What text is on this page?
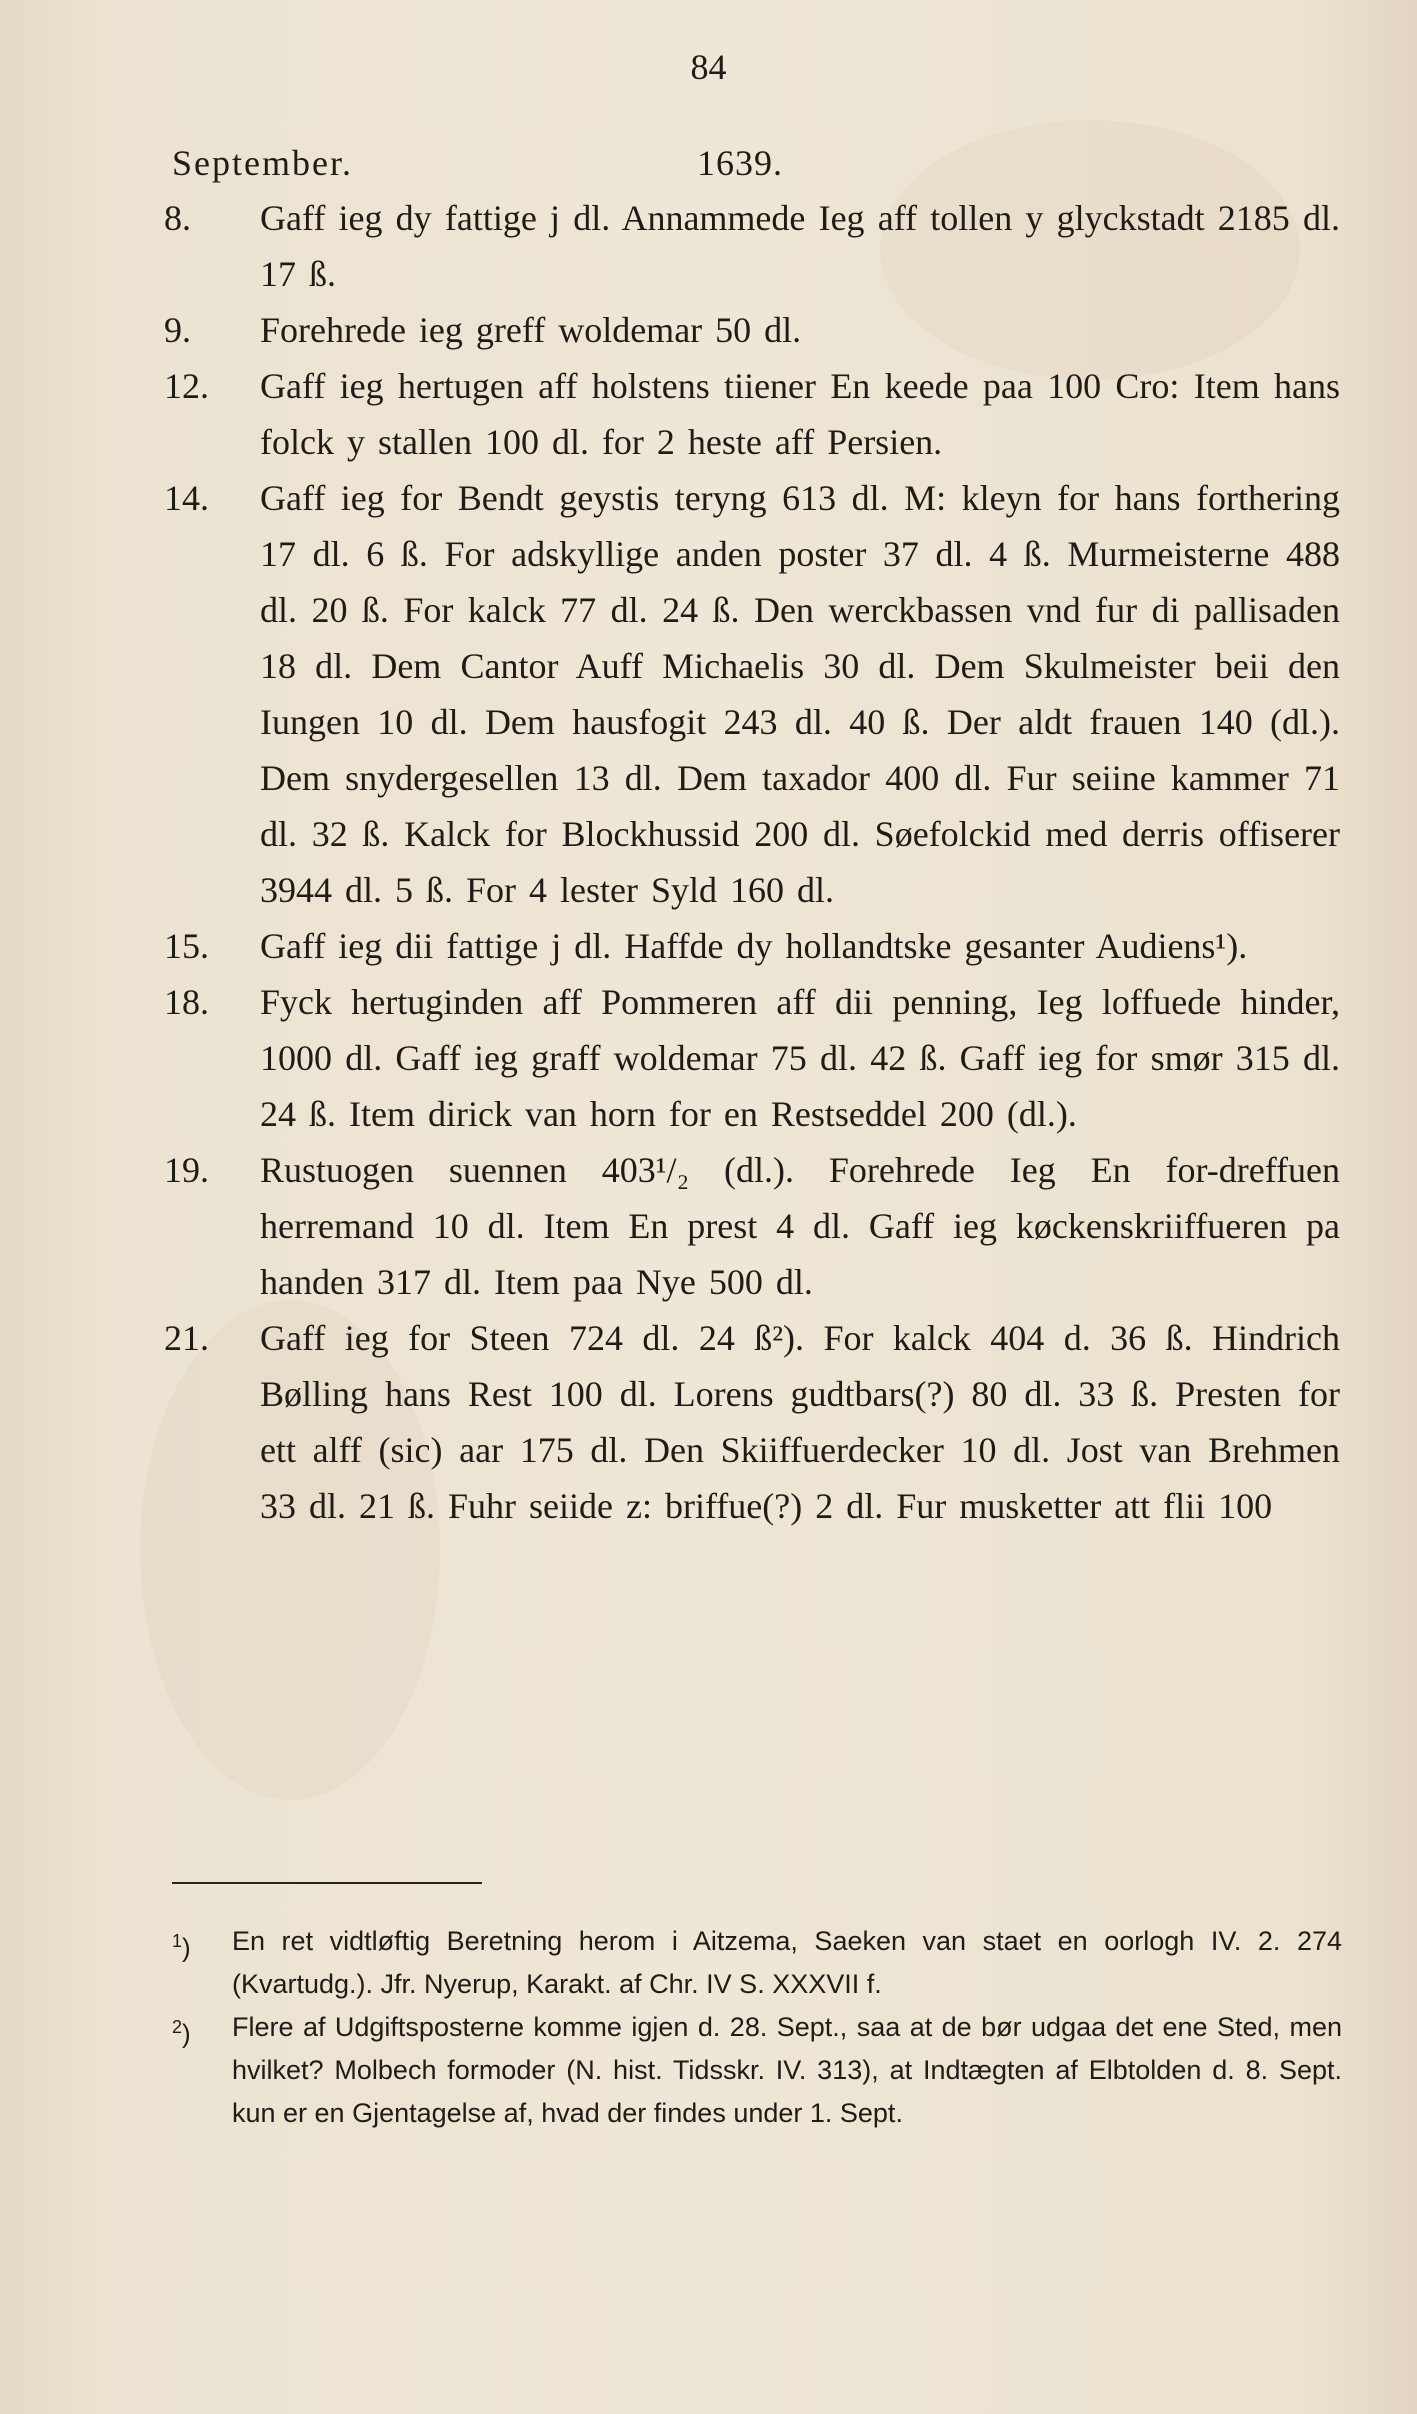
84
September.	1639.
8.	Gaff ieg dy fattige j dl. Annammede Ieg aff tollen y glyckstadt 2185 dl. 17 ß.
9.	Forehrede ieg greff woldemar 50 dl.
12.	Gaff ieg hertugen aff holstens tiiener En keede paa 100 Cro: Item hans folck y stallen 100 dl. for 2 heste aff Persien.
14.	Gaff ieg for Bendt geystis teryng 613 dl. M: kleyn for hans forthering 17 dl. 6 ß. For adskyllige anden poster 37 dl. 4 ß. Murmeisterne 488 dl. 20 ß. For kalck 77 dl. 24 ß. Den werckbassen vnd fur di pallisaden 18 dl. Dem Cantor Auff Michaelis 30 dl. Dem Skulmeister beii den Iungen 10 dl. Dem hausfogit 243 dl. 40 ß. Der aldt frauen 140 (dl.). Dem snydergesellen 13 dl. Dem taxador 400 dl. Fur seiine kammer 71 dl. 32 ß. Kalck for Blockhussid 200 dl. Søefolckid med derris offiserer 3944 dl. 5 ß. For 4 lester Syld 160 dl.
15.	Gaff ieg dii fattige j dl. Haffde dy hollandtske gesanter Audiens¹).
18.	Fyck hertuginden aff Pommeren aff dii penning, Ieg loffuede hinder, 1000 dl. Gaff ieg graff woldemar 75 dl. 42 ß. Gaff ieg for smør 315 dl. 24 ß. Item dirick van horn for en Restseddel 200 (dl.).
19.	Rustuogen suennen 403¹/₂ (dl.). Forehrede Ieg En for-dreffuen herremand 10 dl. Item En prest 4 dl. Gaff ieg køckenskriiffueren pa handen 317 dl. Item paa Nye 500 dl.
21.	Gaff ieg for Steen 724 dl. 24 ß²). For kalck 404 d. 36 ß. Hindrich Bølling hans Rest 100 dl. Lorens gudtbars(?) 80 dl. 33 ß. Presten for ett alff (sic) aar 175 dl. Den Skiiffuerdecker 10 dl. Jost van Brehmen 33 dl. 21 ß. Fuhr seiide z: briffue(?) 2 dl. Fur musketter att flii 100
$^1$) En ret vidtløftig Beretning herom i Aitzema, Saeken van staet en oorlogh IV. 2. 274 (Kvartudg.). Jfr. Nyerup, Karakt. af Chr. IV S. XXXVII f.
$^2$) Flere af Udgiftsposterne komme igjen d. 28. Sept., saa at de bør udgaa det ene Sted, men hvilket? Molbech formoder (N. hist. Tidsskr. IV. 313), at Indtægten af Elbtolden d. 8. Sept. kun er en Gjentagelse af, hvad der findes under 1. Sept.
